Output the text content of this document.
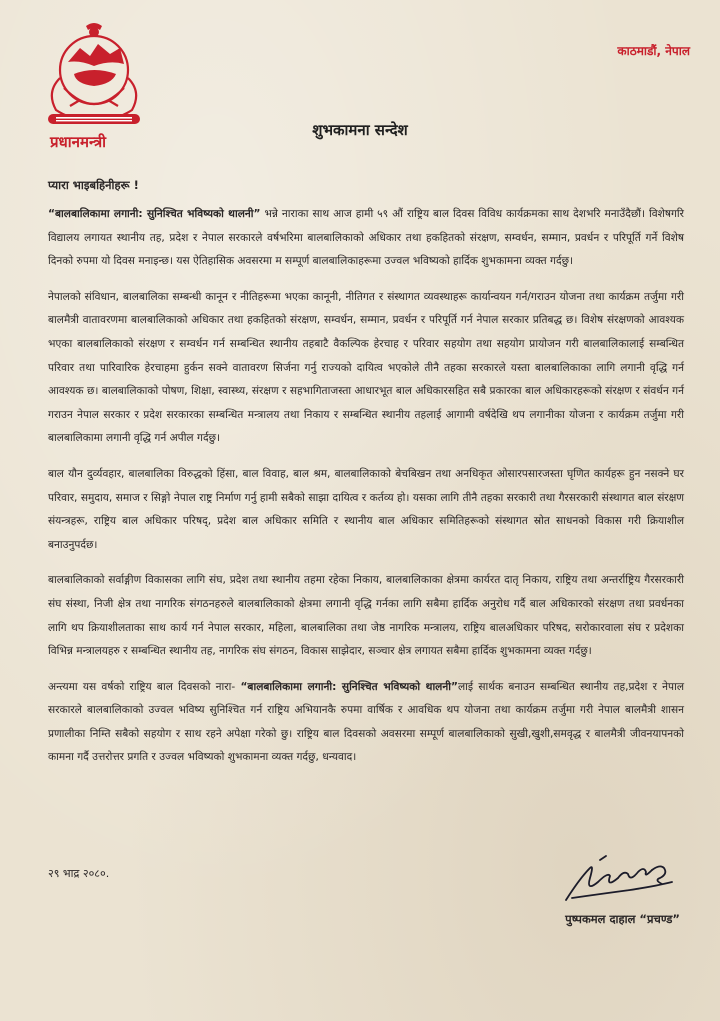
प्रधानमन्त्री
काठमाडौं, नेपाल
शुभकामना सन्देश
प्यारा भाइबहिनीहरू !

“बालबालिकामा लगानी: सुनिश्चित भविष्यको थालनी” भन्ने नाराका साथ आज हामी ५९ औं राष्ट्रिय बाल दिवस विविध कार्यक्रमका साथ देशभरि मनाउँदैछौं। विशेषगरि विद्यालय लगायत स्थानीय तह, प्रदेश र नेपाल सरकारले वर्षभरिमा बालबालिकाको अधिकार तथा हकहितको संरक्षण, सम्वर्धन, सम्मान, प्रवर्धन र परिपूर्ति गर्ने विशेष दिनको रुपमा यो दिवस मनाइन्छ। यस ऐतिहासिक अवसरमा म सम्पूर्ण बालबालिकाहरूमा उज्वल भविष्यको हार्दिक शुभकामना व्यक्त गर्दछु।

नेपालको संविधान, बालबालिका सम्बन्धी कानून र नीतिहरूमा भएका कानूनी, नीतिगत र संस्थागत व्यवस्थाहरू कार्यान्वयन गर्न/गराउन योजना तथा कार्यक्रम तर्जुमा गरी बालमैत्री वातावरणमा बालबालिकाको अधिकार तथा हकहितको संरक्षण, सम्वर्धन, सम्मान, प्रवर्धन र परिपूर्ति गर्न नेपाल सरकार प्रतिबद्ध छ। विशेष संरक्षणको आवश्यक भएका बालबालिकाको संरक्षण र सम्वर्धन गर्न सम्बन्धित स्थानीय तहबाटै वैकल्पिक हेरचाह र परिवार सहयोग तथा सहयोग प्रायोजन गरी बालबालिकालाई सम्बन्धित परिवार तथा पारिवारिक हेरचाहमा हुर्कन सक्ने वातावरण सिर्जना गर्नु राज्यको दायित्व भएकोले तीनै तहका सरकारले यस्ता बालबालिकाका लागि लगानी वृद्धि गर्न आवश्यक छ। बालबालिकाको पोषण, शिक्षा, स्वास्थ्य, संरक्षण र सहभागिताजस्ता आधारभूत बाल अधिकारसहित सबै प्रकारका बाल अधिकारहरूको संरक्षण र संवर्धन गर्न गराउन नेपाल सरकार र प्रदेश सरकारका सम्बन्धित मन्त्रालय तथा निकाय र सम्बन्धित स्थानीय तहलाई आगामी वर्षदेखि थप लगानीका योजना र कार्यक्रम तर्जुमा गरी बालबालिकामा लगानी वृद्धि गर्न अपील गर्दछु।

बाल यौन दुर्व्यवहार, बालबालिका विरुद्धको हिंसा, बाल विवाह, बाल श्रम, बालबालिकाको बेचबिखन तथा अनधिकृत ओसारपसारजस्ता घृणित कार्यहरू हुन नसक्ने घर परिवार, समुदाय, समाज र सिङ्गो नेपाल राष्ट्र निर्माण गर्नु हामी सबैको साझा दायित्व र कर्तव्य हो। यसका लागि तीनै तहका सरकारी तथा गैरसरकारी संस्थागत बाल संरक्षण संयन्त्रहरू, राष्ट्रिय बाल अधिकार परिषद्, प्रदेश बाल अधिकार समिति र स्थानीय बाल अधिकार समितिहरूको संस्थागत स्रोत साधनको विकास गरी क्रियाशील बनाउनुपर्दछ।

बालबालिकाको सर्वाङ्गीण विकासका लागि संघ, प्रदेश तथा स्थानीय तहमा रहेका निकाय, बालबालिकाका क्षेत्रमा कार्यरत दातृ निकाय, राष्ट्रिय तथा अन्तर्राष्ट्रिय गैरसरकारी संघ संस्था, निजी क्षेत्र तथा नागरिक संगठनहरुले बालबालिकाको क्षेत्रमा लगानी वृद्धि गर्नका लागि सबैमा हार्दिक अनुरोध गर्दै बाल अधिकारको संरक्षण तथा प्रवर्धनका लागि थप क्रियाशीलताका साथ कार्य गर्न नेपाल सरकार, महिला, बालबालिका तथा जेष्ठ नागरिक मन्त्रालय, राष्ट्रिय बालअधिकार परिषद, सरोकारवाला संघ र प्रदेशका विभिन्न मन्त्रालयहरु र सम्बन्धित स्थानीय तह, नागरिक संघ संगठन, विकास साझेदार, सञ्चार क्षेत्र लगायत सबैमा हार्दिक शुभकामना व्यक्त गर्दछु।

अन्त्यमा यस वर्षको राष्ट्रिय बाल दिवसको नारा- “बालबालिकामा लगानी: सुनिश्चित भविष्यको थालनी”लाई सार्थक बनाउन सम्बन्धित स्थानीय तह,प्रदेश र नेपाल सरकारले बालबालिकाको उज्वल भविष्य सुनिश्चित गर्न राष्ट्रिय अभियानकै रुपमा वार्षिक र आवधिक थप योजना तथा कार्यक्रम तर्जुमा गरी नेपाल बालमैत्री शासन प्रणालीका निम्ति सबैको सहयोग र साथ रहने अपेक्षा गरेको छु। राष्ट्रिय बाल दिवसको अवसरमा सम्पूर्ण बालबालिकाको सुखी,खुशी,समवृद्ध र बालमैत्री जीवनयापनको कामना गर्दै उत्तरोत्तर प्रगति र उज्वल भविष्यको शुभकामना व्यक्त गर्दछु, धन्यवाद।

२९ भाद्र २०८०.
पुष्पकमल दाहाल “प्रचण्ड”
